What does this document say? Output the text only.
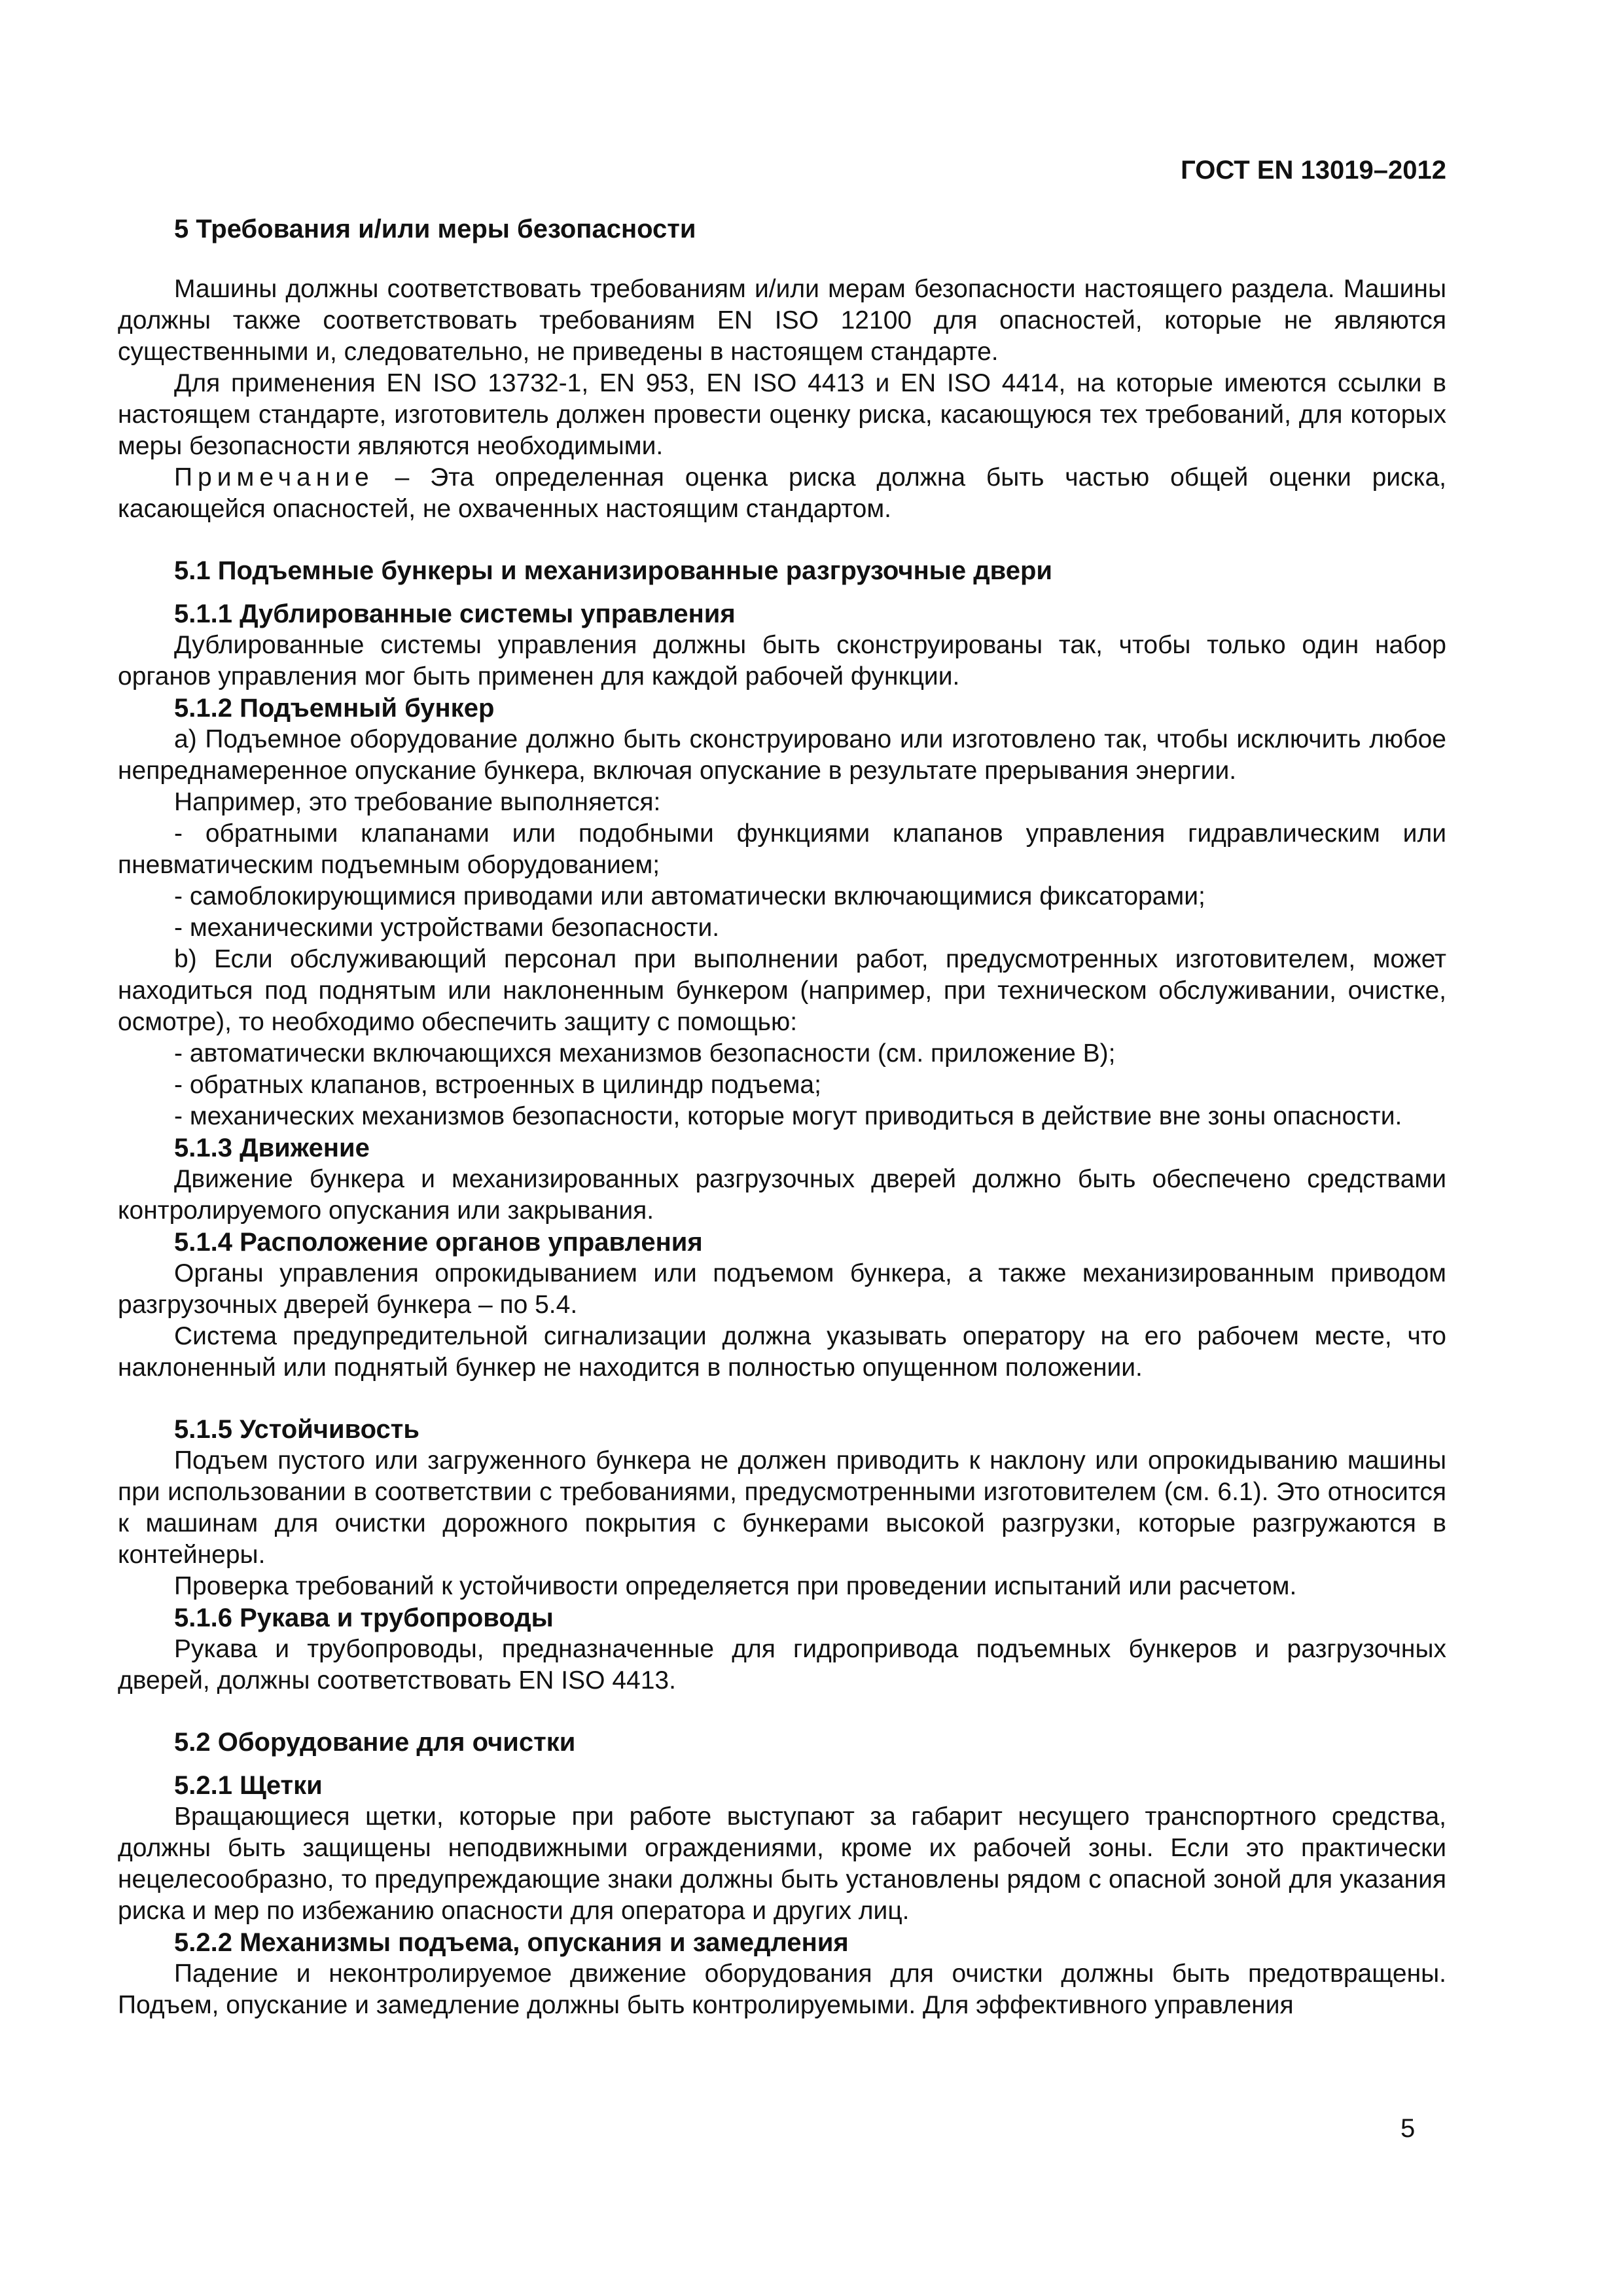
ГОСТ EN 13019–2012
5 Требования и/или меры безопасности

Машины должны соответствовать требованиям и/или мерам безопасности настоящего раздела. Машины должны также соответствовать требованиям EN ISO 12100 для опасностей, которые не являются существенными и, следовательно, не приведены в настоящем стандарте.

Для применения EN ISO 13732-1, EN 953, EN ISO 4413 и EN ISO 4414, на которые имеются ссылки в настоящем стандарте, изготовитель должен провести оценку риска, касающуюся тех требований, для которых меры безопасности являются необходимыми.

Примечание – Эта определенная оценка риска должна быть частью общей оценки риска, касающейся опасностей, не охваченных настоящим стандартом.

5.1 Подъемные бункеры и механизированные разгрузочные двери
5.1.1 Дублированные системы управления

Дублированные системы управления должны быть сконструированы так, чтобы только один набор органов управления мог быть применен для каждой рабочей функции.

5.1.2 Подъемный бункер

a) Подъемное оборудование должно быть сконструировано или изготовлено так, чтобы исключить любое непреднамеренное опускание бункера, включая опускание в результате прерывания энергии.

Например, это требование выполняется:

- обратными клапанами или подобными функциями клапанов управления гидравлическим или пневматическим подъемным оборудованием;

- самоблокирующимися приводами или автоматически включающимися фиксаторами;

- механическими устройствами безопасности.

b) Если обслуживающий персонал при выполнении работ, предусмотренных изготовителем, может находиться под поднятым или наклоненным бункером (например, при техническом обслуживании, очистке, осмотре), то необходимо обеспечить защиту с помощью:

- автоматически включающихся механизмов безопасности (см. приложение В);

- обратных клапанов, встроенных в цилиндр подъема;

- механических механизмов безопасности, которые могут приводиться в действие вне зоны опасности.

5.1.3 Движение

Движение бункера и механизированных разгрузочных дверей должно быть обеспечено средствами контролируемого опускания или закрывания.

5.1.4 Расположение органов управления

Органы управления опрокидыванием или подъемом бункера, а также механизированным приводом разгрузочных дверей бункера – по 5.4.

Система предупредительной сигнализации должна указывать оператору на его рабочем месте, что наклоненный или поднятый бункер не находится в полностью опущенном положении.

5.1.5 Устойчивость

Подъем пустого или загруженного бункера не должен приводить к наклону или опрокидыванию машины при использовании в соответствии с требованиями, предусмотренными изготовителем (см. 6.1). Это относится к машинам для очистки дорожного покрытия с бункерами высокой разгрузки, которые разгружаются в контейнеры.

Проверка требований к устойчивости определяется при проведении испытаний или расчетом.

5.1.6 Рукава и трубопроводы

Рукава и трубопроводы, предназначенные для гидропривода подъемных бункеров и разгрузочных дверей, должны соответствовать EN ISO 4413.

5.2 Оборудование для очистки
5.2.1 Щетки

Вращающиеся щетки, которые при работе выступают за габарит несущего транспортного средства, должны быть защищены неподвижными ограждениями, кроме их рабочей зоны. Если это практически нецелесообразно, то предупреждающие знаки должны быть установлены рядом с опасной зоной для указания риска и мер по избежанию опасности для оператора и других лиц.

5.2.2 Механизмы подъема, опускания и замедления

Падение и неконтролируемое движение оборудования для очистки должны быть предотвращены. Подъем, опускание и замедление должны быть контролируемыми. Для эффективного управления

5
